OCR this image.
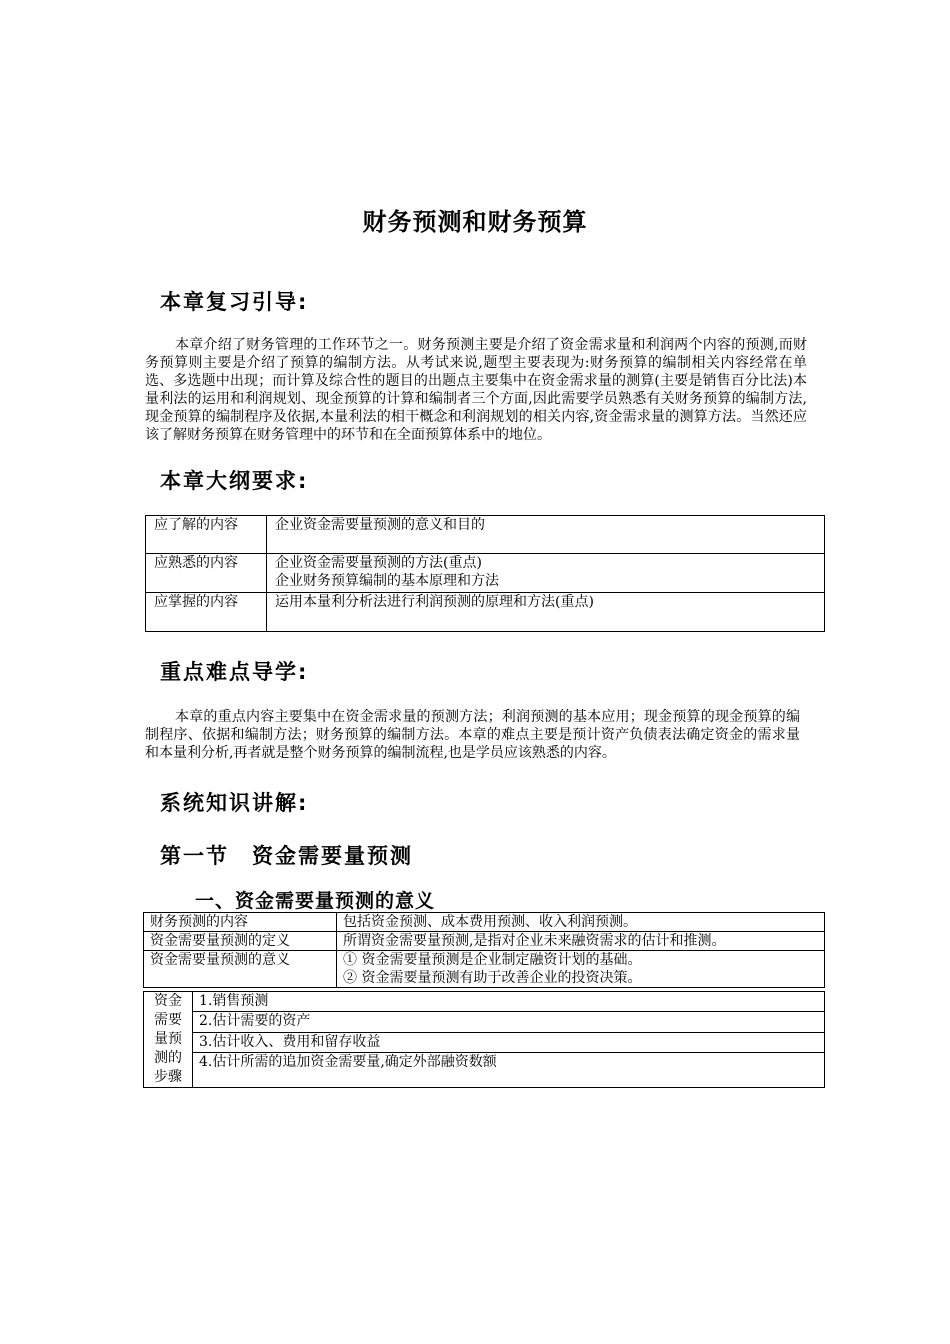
财务预测和财务预算
本章复习引导:
本章介绍了财务管理的工作环节之一。财务预测主要是介绍了资金需求量和利润两个内容的预测,而财务预算则主要是介绍了预算的编制方法。从考试来说,题型主要表现为:财务预算的编制相关内容经常在单选、多选题中出现；而计算及综合性的题目的出题点主要集中在资金需求量的测算(主要是销售百分比法)本量利法的运用和利润规划、现金预算的计算和编制者三个方面,因此需要学员熟悉有关财务预算的编制方法,现金预算的编制程序及依据,本量利法的相干概念和利润规划的相关内容,资金需求量的测算方法。当然还应该了解财务预算在财务管理中的环节和在全面预算体系中的地位。
本章大纲要求:
应了解的内容	企业资金需要量预测的意义和目的

应熟悉的内容	企业资金需要量预测的方法(重点)
企业财务预算编制的基本原理和方法

应掌握的内容	运用本量利分析法进行利润预测的原理和方法(重点)
重点难点导学:
本章的重点内容主要集中在资金需求量的预测方法；利润预测的基本应用；现金预算的现金预算的编制程序、依据和编制方法；财务预算的编制方法。本章的难点主要是预计资产负债表法确定资金的需求量和本量利分析,再者就是整个财务预算的编制流程,也是学员应该熟悉的内容。
系统知识讲解:
第一节　资金需要量预测
一、资金需要量预测的意义
财务预测的内容	包括资金预测、成本费用预测、收入利润预测。

资金需要量预测的定义	所谓资金需要量预测,是指对企业未来融资需求的估计和推测。

资金需要量预测的意义	① 资金需要量预测是企业制定融资计划的基础。
② 资金需要量预测有助于改善企业的投资决策。
资金需要量预测的步骤	1.销售预测
2.估计需要的资产
3.估计收入、费用和留存收益
4.估计所需的追加资金需要量,确定外部融资数额
